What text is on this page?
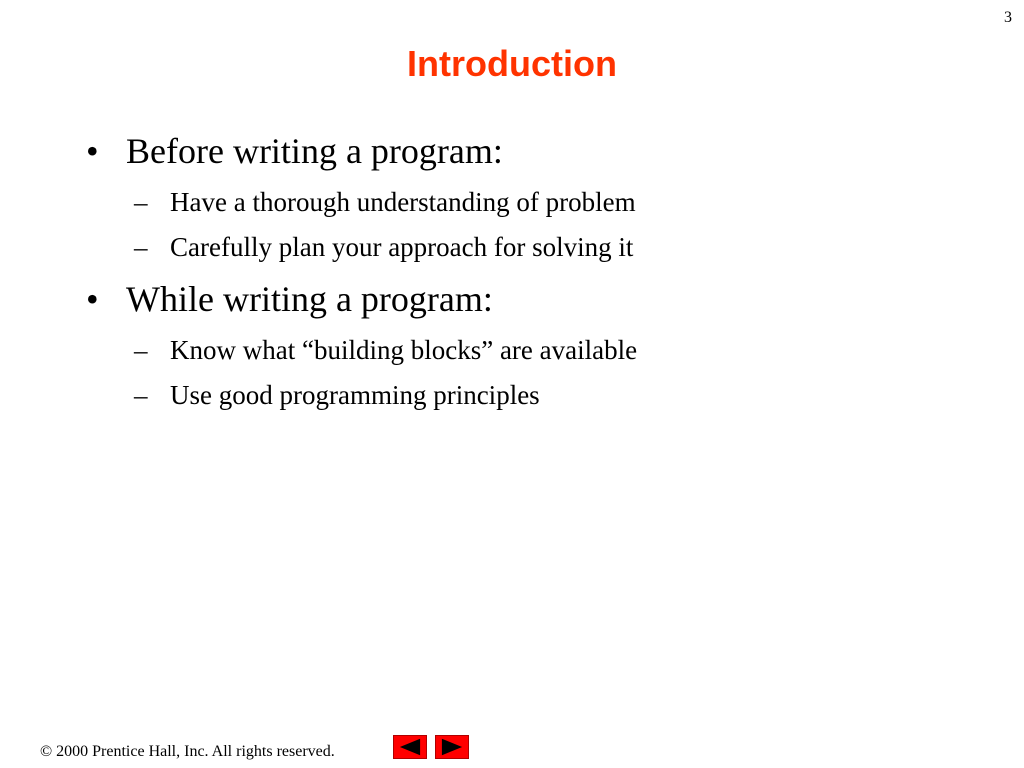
3
Introduction
• Before writing a program:
– Have a thorough understanding of problem
– Carefully plan your approach for solving it
• While writing a program:
– Know what “building blocks” are available
– Use good programming principles
© 2000 Prentice Hall, Inc. All rights reserved.
